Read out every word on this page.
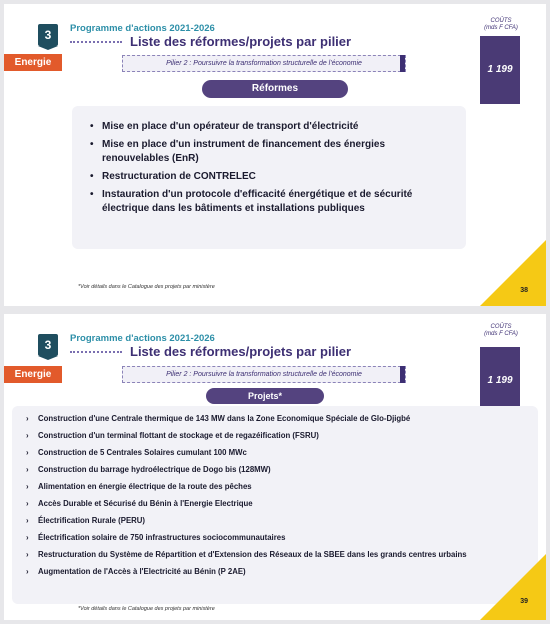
3	Programme d'actions 2021-2026
Liste des réformes/projets par pilier
Energie	Pilier 2 : Poursuivre la transformation structurelle de l'économie
COÛTS
(mds F CFA)
1 199
Réformes
• Mise en place d'un opérateur de transport d'électricité
• Mise en place d'un instrument de financement des énergies renouvelables (EnR)
• Restructuration de CONTRELEC
• Instauration d'un protocole d'efficacité énergétique et de sécurité électrique dans les bâtiments et installations publiques
*Voir détails dans le Catalogue des projets par ministère	38
3	Programme d'actions 2021-2026
Liste des réformes/projets par pilier
Energie	Pilier 2 : Poursuivre la transformation structurelle de l'économie
COÛTS
(mds F CFA)
1 199
Projets*
› Construction d'une Centrale thermique de 143 MW dans la Zone Economique Spéciale de Glo-Djigbé
› Construction d'un terminal flottant de stockage et de regazéification (FSRU)
› Construction de 5 Centrales Solaires cumulant 100 MWc
› Construction du barrage hydroélectrique de Dogo bis (128MW)
› Alimentation en énergie électrique de la route des pêches
› Accès Durable et Sécurisé du Bénin à l'Energie Electrique
› Électrification Rurale (PERU)
› Électrification solaire de 750 infrastructures sociocommunautaires
› Restructuration du Système de Répartition et d'Extension des Réseaux de la SBEE dans les grands centres urbains
› Augmentation de l'Accès à l'Electricité au Bénin (P 2AE)
*Voir détails dans le Catalogue des projets par ministère
39
